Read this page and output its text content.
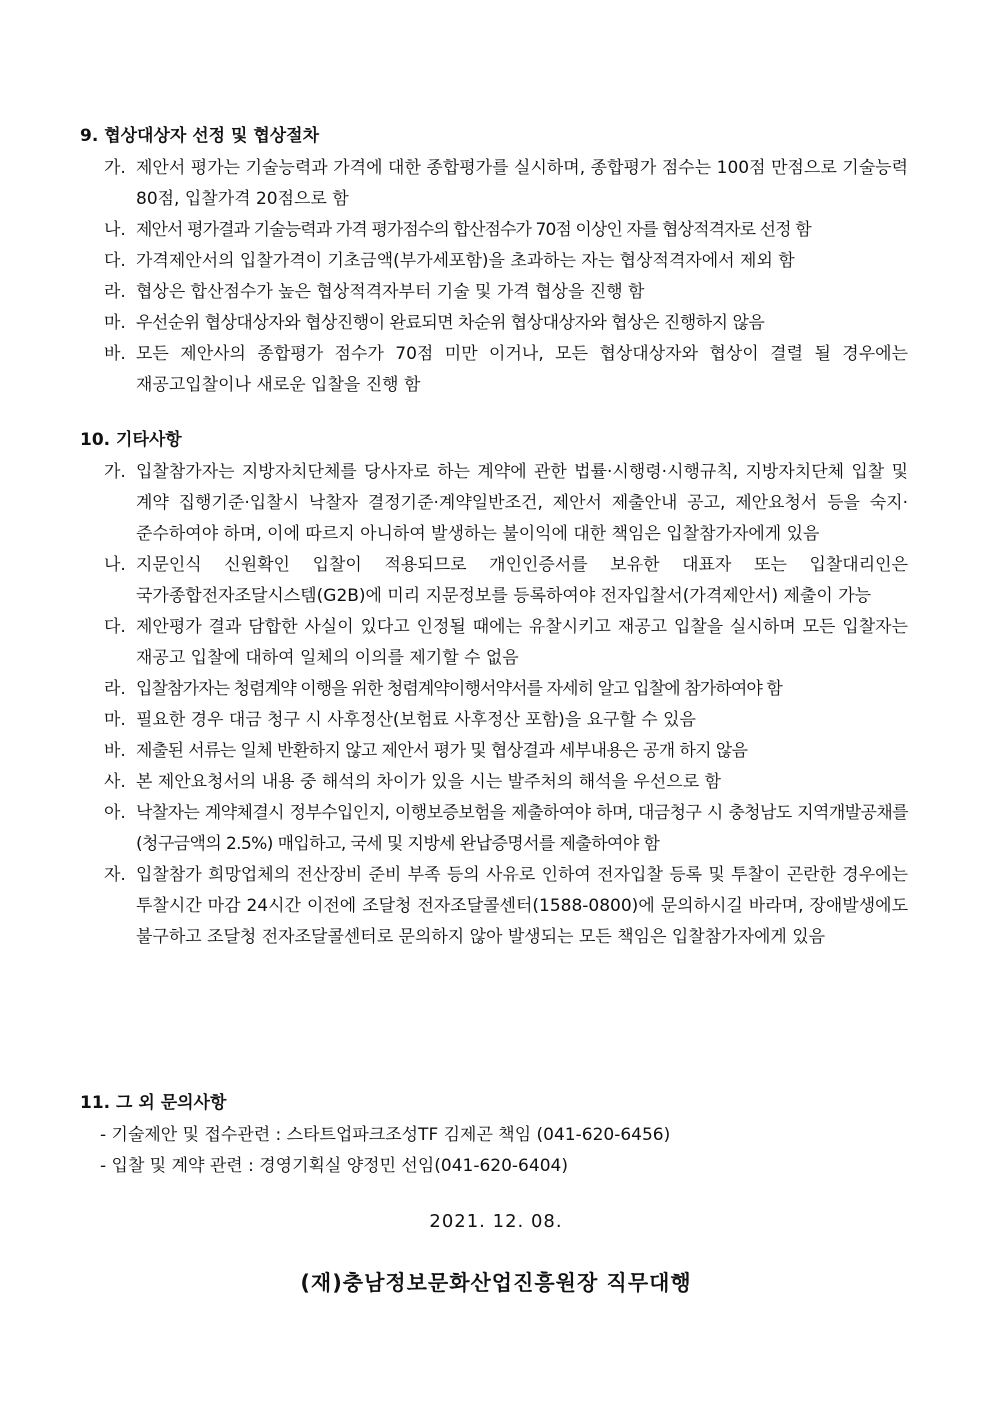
9. 협상대상자 선정 및 협상절차
가. 제안서 평가는 기술능력과 가격에 대한 종합평가를 실시하며, 종합평가 점수는 100점 만점으로 기술능력 80점, 입찰가격 20점으로 함
나. 제안서 평가결과 기술능력과 가격 평가점수의 합산점수가 70점 이상인 자를 협상적격자로 선정 함
다. 가격제안서의 입찰가격이 기초금액(부가세포함)을 초과하는 자는 협상적격자에서 제외 함
라. 협상은 합산점수가 높은 협상적격자부터 기술 및 가격 협상을 진행 함
마. 우선순위 협상대상자와 협상진행이 완료되면 차순위 협상대상자와 협상은 진행하지 않음
바. 모든 제안사의 종합평가 점수가 70점 미만 이거나, 모든 협상대상자와 협상이 결렬 될 경우에는 재공고입찰이나 새로운 입찰을 진행 함
10. 기타사항
가. 입찰참가자는 지방자치단체를 당사자로 하는 계약에 관한 법률·시행령·시행규칙, 지방자치단체 입찰 및 계약 집행기준·입찰시 낙찰자 결정기준·계약일반조건, 제안서 제출안내 공고, 제안요청서 등을 숙지·준수하여야 하며, 이에 따르지 아니하여 발생하는 불이익에 대한 책임은 입찰참가자에게 있음
나. 지문인식 신원확인 입찰이 적용되므로 개인인증서를 보유한 대표자 또는 입찰대리인은 국가종합전자조달시스템(G2B)에 미리 지문정보를 등록하여야 전자입찰서(가격제안서) 제출이 가능
다. 제안평가 결과 담합한 사실이 있다고 인정될 때에는 유찰시키고 재공고 입찰을 실시하며 모든 입찰자는 재공고 입찰에 대하여 일체의 이의를 제기할 수 없음
라. 입찰참가자는 청렴계약 이행을 위한 청렴계약이행서약서를 자세히 알고 입찰에 참가하여야 함
마. 필요한 경우 대금 청구 시 사후정산(보험료 사후정산 포함)을 요구할 수 있음
바. 제출된 서류는 일체 반환하지 않고 제안서 평가 및 협상결과 세부내용은 공개 하지 않음
사. 본 제안요청서의 내용 중 해석의 차이가 있을 시는 발주처의 해석을 우선으로 함
아. 낙찰자는 계약체결시 정부수입인지, 이행보증보험을 제출하여야 하며, 대금청구 시 충청남도 지역개발공채를(청구금액의 2.5%) 매입하고, 국세 및 지방세 완납증명서를 제출하여야 함
자. 입찰참가 희망업체의 전산장비 준비 부족 등의 사유로 인하여 전자입찰 등록 및 투찰이 곤란한 경우에는 투찰시간 마감 24시간 이전에 조달청 전자조달콜센터(1588-0800)에 문의하시길 바라며, 장애발생에도 불구하고 조달청 전자조달콜센터로 문의하지 않아 발생되는 모든 책임은 입찰참가자에게 있음
11. 그 외 문의사항
- 기술제안 및 접수관련 : 스타트업파크조성TF 김제곤 책임 (041-620-6456)
- 입찰 및 계약 관련 : 경영기획실 양정민 선임(041-620-6404)
2021. 12. 08.
(재)충남정보문화산업진흥원장 직무대행
